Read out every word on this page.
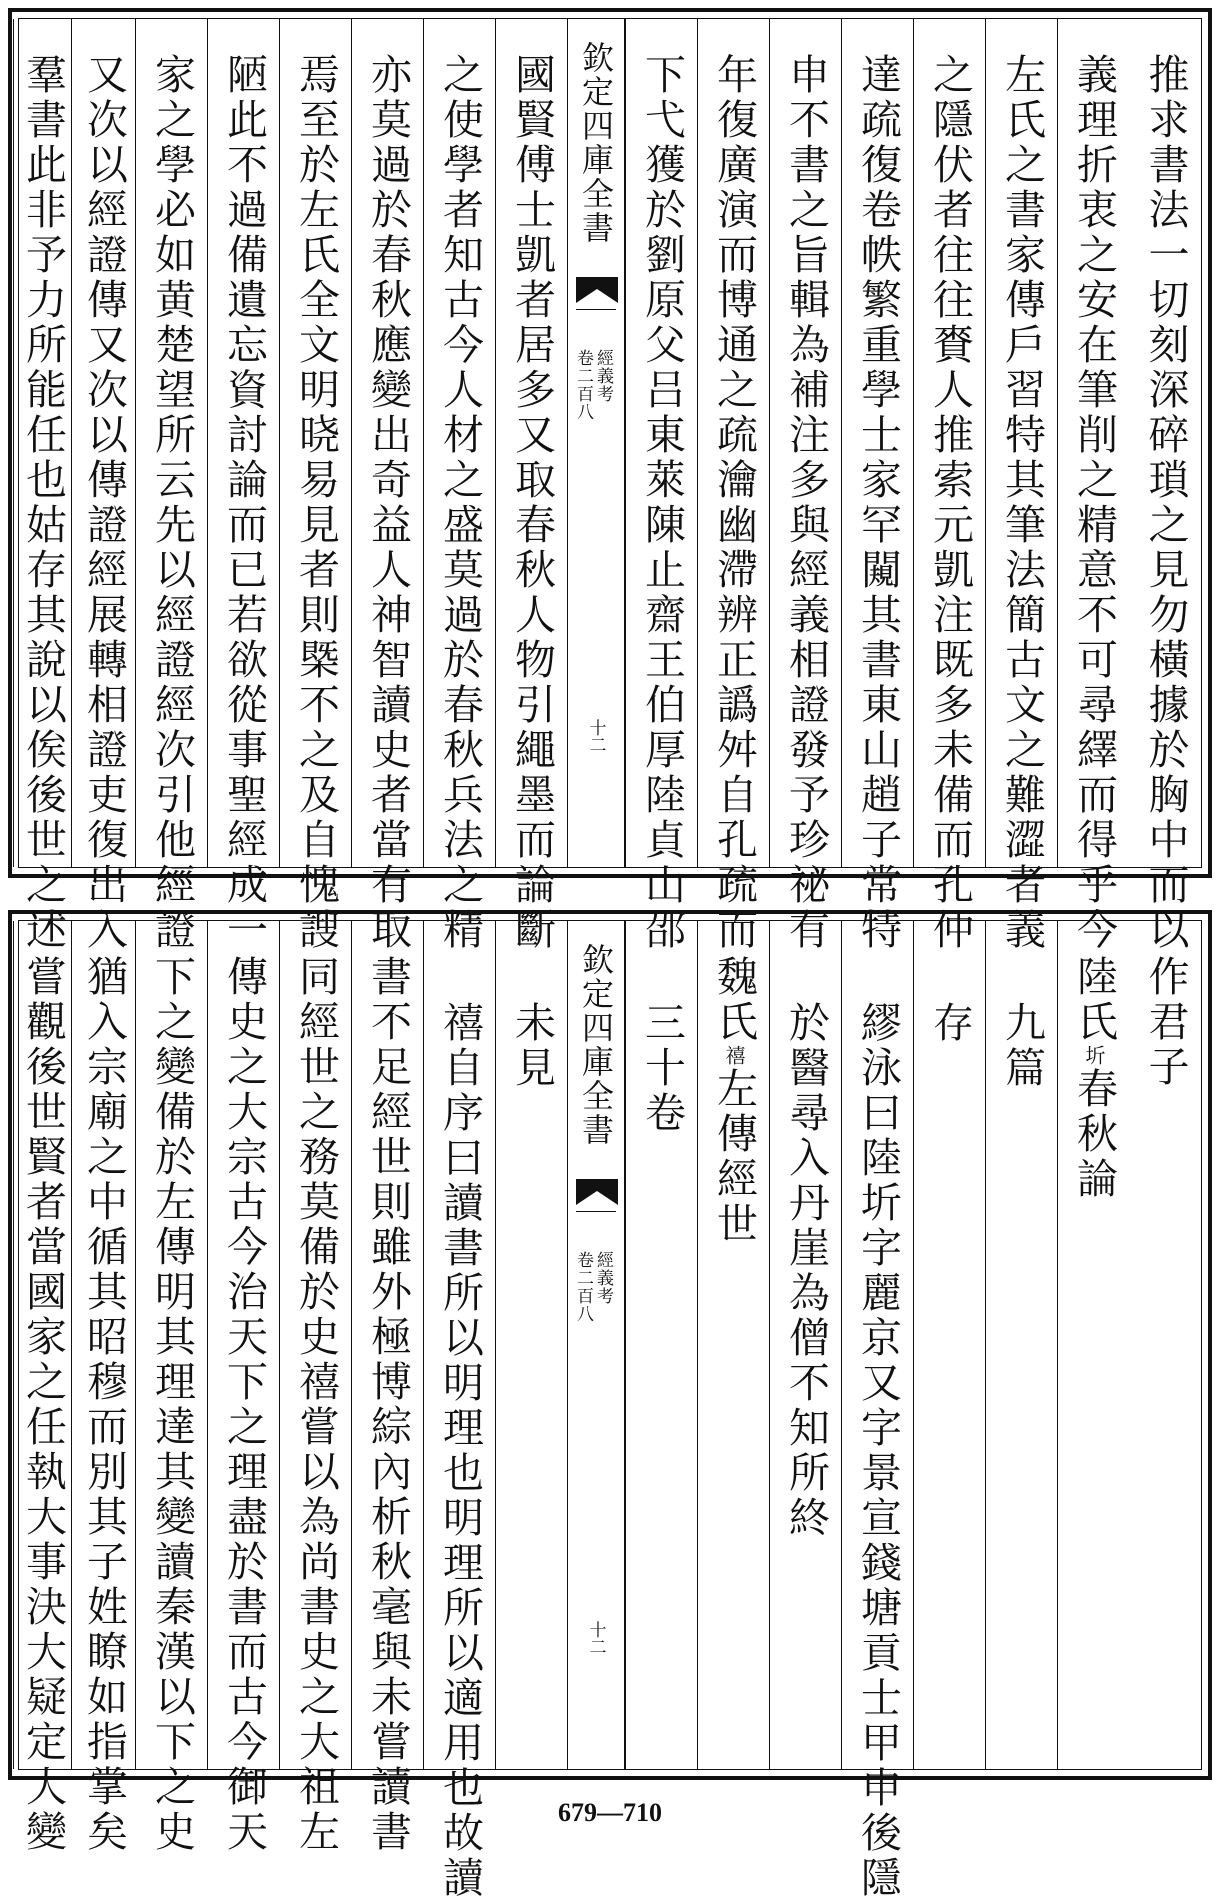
推求書法一切刻深碎瑣之見勿橫據於胸中而以
義理折衷之安在筆削之精意不可尋繹而得乎今
左氏之書家傳戶習特其筆法簡古文之難澀者義
之隱伏者往往賚人推索元凱注既多未備而孔仲
達疏復卷帙繁重學士家罕闚其書東山趙子常特
申不書之旨輯為補注多與經義相證發予珍祕有
年復廣演而博通之疏瀹幽滯辨正譌舛自孔疏而
下弋獲於劉原父吕東萊陳止齋王伯厚陸貞山邵
欽定四庫全書
經義考
卷二百八
十二
國賢傅士凱者居多又取春秋人物引繩墨而論斷
之使學者知古今人材之盛莫過於春秋兵法之精
亦莫過於春秋應變出奇益人神智讀史者當有取
焉至於左氏全文明晓易見者則槩不之及自愧謏
陋此不過備遺忘資討論而已若欲從事聖經成一
家之學必如黄楚望所云先以經證經次引他經證
又次以經證傳又次以傳證經展轉相證吏復出入
羣書此非予力所能任也姑存其說以俟後世之述
作君子
陸氏圻春秋論
九篇
存
繆泳曰陸圻字麗京又字景宣錢塘貢士甲申後隱
於醫尋入丹崖為僧不知所終
魏氏禧左傳經世
三十卷
欽定四庫全書
經義考
卷二百八
十二
未見
禧自序曰讀書所以明理也明理所以適用也故讀
書不足經世則雖外極博綜內析秋毫與未嘗讀書
同經世之務莫備於史禧嘗以為尚書史之大祖左
傳史之大宗古今治天下之理盡於書而古今御天
下之變備於左傳明其理達其變讀秦漢以下之史
猶入宗廟之中循其昭穆而別其子姓瞭如指掌矣
嘗觀後世賢者當國家之任執大事決大疑定大變	679—710
